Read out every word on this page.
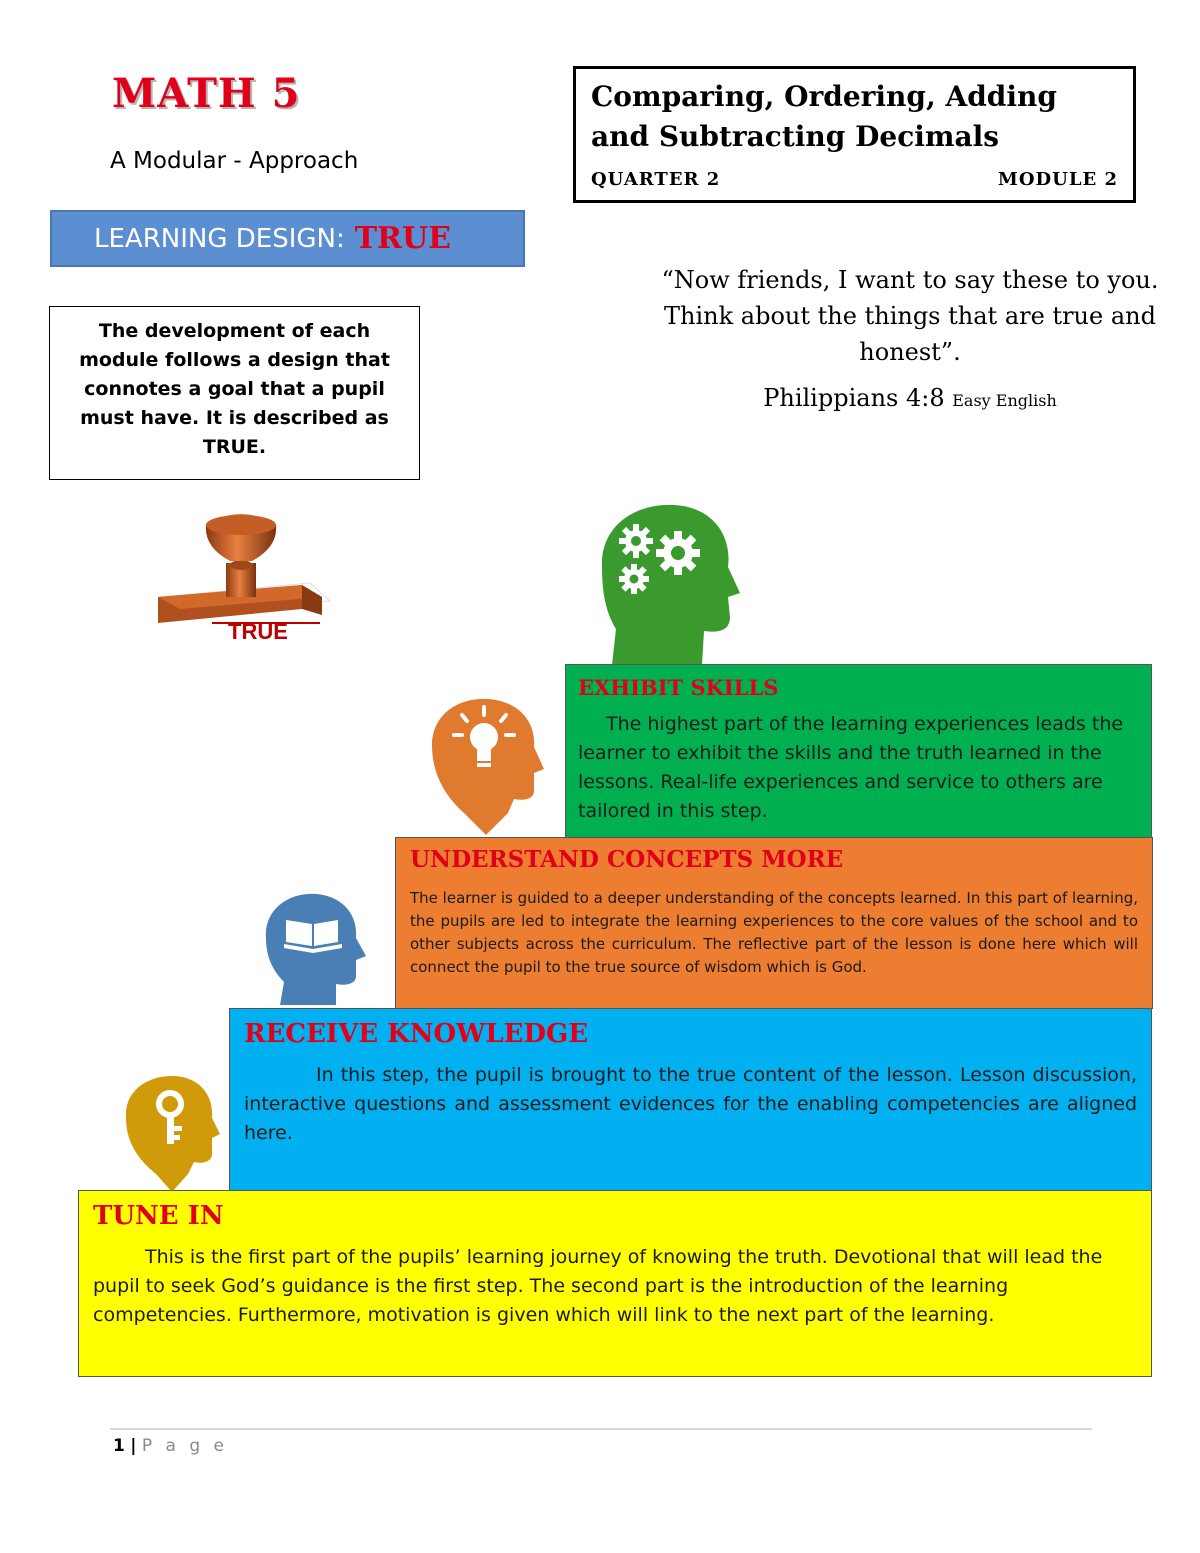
MATH 5
A Modular - Approach
LEARNING DESIGN: TRUE
The development of each module follows a design that connotes a goal that a pupil must have. It is described as TRUE.
Comparing, Ordering, Adding and Subtracting Decimals
QUARTER 2	MODULE 2
“Now friends, I want to say these to you. Think about the things that are true and honest”.
Philippians 4:8 Easy English
TRUE
EXHIBIT SKILLS
The highest part of the learning experiences leads the learner to exhibit the skills and the truth learned in the lessons. Real-life experiences and service to others are tailored in this step.
UNDERSTAND CONCEPTS MORE
The learner is guided to a deeper understanding of the concepts learned. In this part of learning, the pupils are led to integrate the learning experiences to the core values of the school and to other subjects across the curriculum. The reflective part of the lesson is done here which will connect the pupil to the true source of wisdom which is God.
RECEIVE KNOWLEDGE
In this step, the pupil is brought to the true content of the lesson. Lesson discussion, interactive questions and assessment evidences for the enabling competencies are aligned here.
TUNE IN
This is the first part of the pupils’ learning journey of knowing the truth. Devotional that will lead the pupil to seek God’s guidance is the first step. The second part is the introduction of the learning competencies. Furthermore, motivation is given which will link to the next part of the learning.
1 | P a g e
